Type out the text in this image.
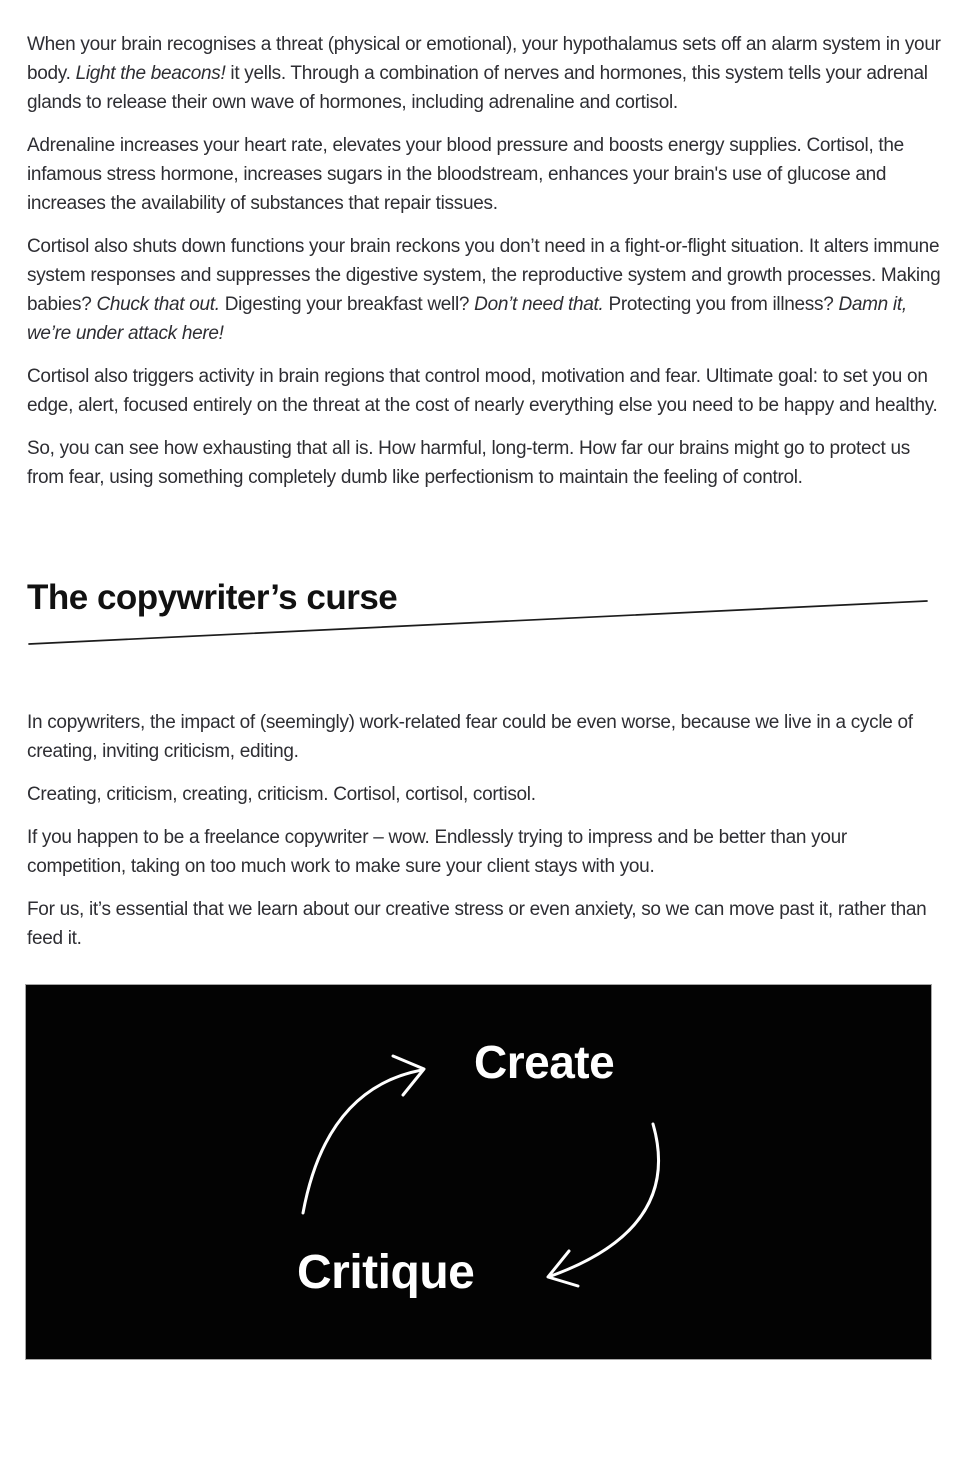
When your brain recognises a threat (physical or emotional), your hypothalamus sets off an alarm system in your body. Light the beacons! it yells. Through a combination of nerves and hormones, this system tells your adrenal glands to release their own wave of hormones, including adrenaline and cortisol.

Adrenaline increases your heart rate, elevates your blood pressure and boosts energy supplies. Cortisol, the infamous stress hormone, increases sugars in the bloodstream, enhances your brain's use of glucose and increases the availability of substances that repair tissues.

Cortisol also shuts down functions your brain reckons you don’t need in a fight-or-flight situation. It alters immune system responses and suppresses the digestive system, the reproductive system and growth processes. Making babies? Chuck that out. Digesting your breakfast well? Don’t need that. Protecting you from illness? Damn it, we’re under attack here!

Cortisol also triggers activity in brain regions that control mood, motivation and fear. Ultimate goal: to set you on edge, alert, focused entirely on the threat at the cost of nearly everything else you need to be happy and healthy.

So, you can see how exhausting that all is. How harmful, long-term. How far our brains might go to protect us from fear, using something completely dumb like perfectionism to maintain the feeling of control.

The copywriter’s curse

In copywriters, the impact of (seemingly) work-related fear could be even worse, because we live in a cycle of creating, inviting criticism, editing.

Creating, criticism, creating, criticism. Cortisol, cortisol, cortisol.

If you happen to be a freelance copywriter – wow. Endlessly trying to impress and be better than your competition, taking on too much work to make sure your client stays with you.

For us, it’s essential that we learn about our creative stress or even anxiety, so we can move past it, rather than feed it.

Create
Critique
